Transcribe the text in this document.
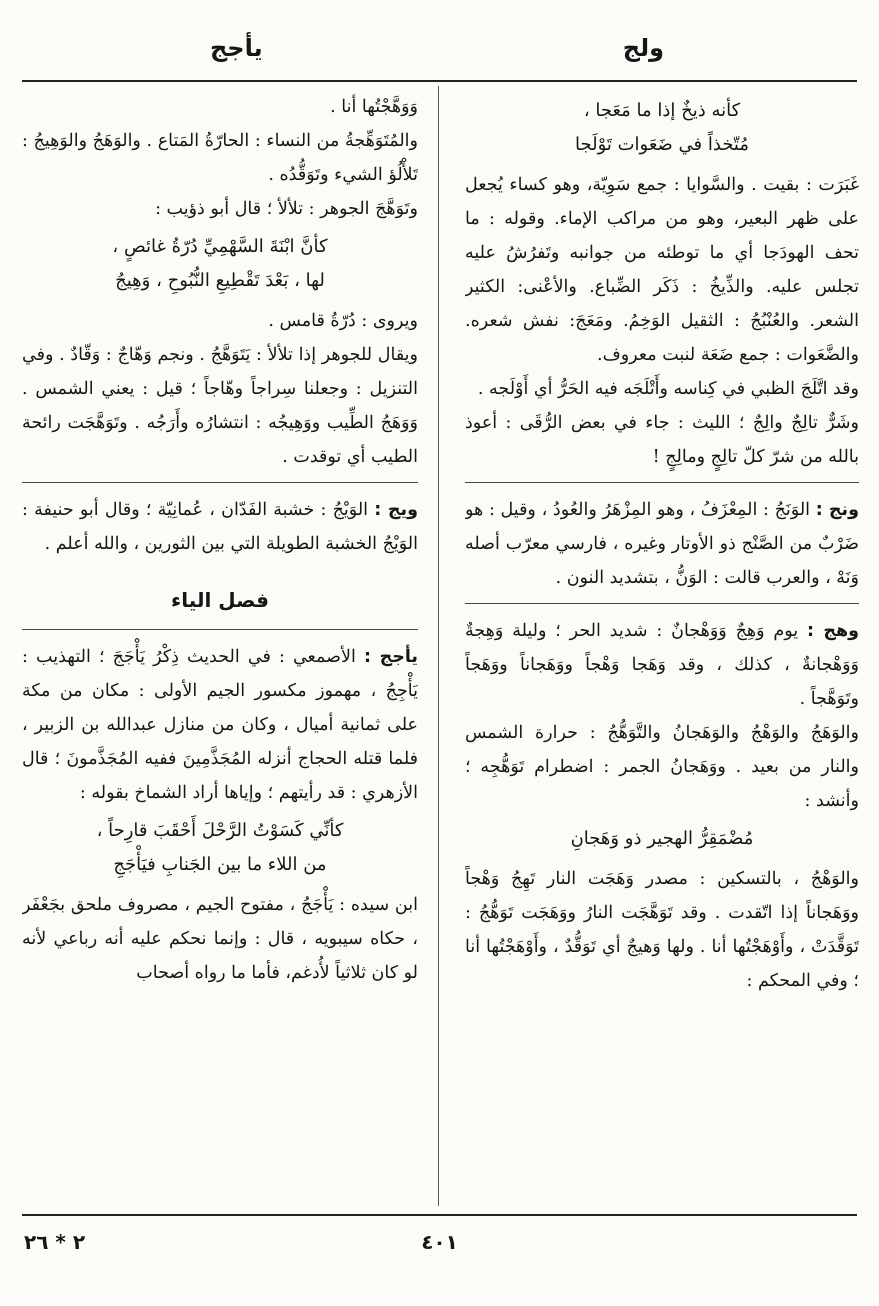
ولج
يأجج
كأنه ذيخٌ إذا ما مَعَجا ،
مُتّخذاً في ضَعَوات تَوْلَجا

غَبَرَت : بقيت . والسَّوايا : جمع سَوِيّة، وهو كساء يُجعل على ظهر البعير، وهو من مراكب الإماء. وقوله : ما تحف الهودَجا أي ما توطئه من جوانبه وتَفرُشُ عليه تجلس عليه. والذِّيخُ : ذَكَر الضِّباع. والأعْنى: الكثير الشعر. والعُنْبُجُ : الثقيل الوَخِمُ. ومَعَجَ: نفش شعره. والضَّعَوات : جمع ضَعَة لنبت معروف.

وقد اتَّلَجَ الظبي في كِناسه وأَتْلَجَه فيه الحَرُّ أي أَوْلَجه .

وشَرٌّ تالِجٌ والِجٌ ؛ الليث : جاء في بعض الرُّقَى : أعوذ بالله من شرّ كلّ تالِجٍ ومالِجٍ !

ونج : الوَنَجُ : المِعْزَفُ ، وهو المِزْهَرُ والعُودُ ، وقيل : هو ضَرْبٌ من الصَّنْج ذو الأوتار وغيره ، فارسي معرّب أصله وَنَهْ ، والعرب قالت : الوَنُّ ، بتشديد النون .

وهج : يوم وَهِجٌ وَوَهْجانٌ : شديد الحر ؛ وليلة وَهِجةٌ وَوَهْجانةٌ ، كذلك ، وقد وَهَجا وَهْجاً ووَهَجاناً ووَهَجاً وتَوَهَّجاً .

والوَهَجُ والوَهْجُ والوَهَجانُ والتَّوَهُّجُ : حرارة الشمس والنار من بعيد . ووَهَجانُ الجمر : اضطرام تَوَهُّجِه ؛ وأنشد :

مُضْمَقِرُّ الهجير ذو وَهَجانِ

والوَهْجُ ، بالتسكين : مصدر وَهَجَت النار تَهِجُ وَهْجاً ووَهَجاناً إذا اتّقدت . وقد تَوَهَّجَت النارُ ووَهَجَت تَوَهُّجُ : تَوَقَّدَتْ ، وأَوْهَجْتُها أنا . ولها وَهيجٌ أي تَوَقُّدٌ ، وأَوْهَجْتُها أنا ؛ وفي المحكم :

وَوَهَّجْتُها أنا .

والمُتَوَهِّجةُ من النساء : الحارّةُ المَتاع . والوَهَجُ والوَهِيجُ : تَلأْلُؤ الشيء وتَوَقُّدُه .

وتَوَهَّجَ الجوهر : تلألأ ؛ قال أبو ذؤيب :

كأنَّ ابْنَةَ السَّهْمِيِّ دُرّةُ غائصٍ ،
لها ، بَعْدَ تَقْطِيعِ النُّبُوحِ ، وَهِيجُ

ويروى : دُرّةُ قامس .

ويقال للجوهر إذا تلألأ : يَتَوَهَّجُ . ونجم وَهّاجٌ : وَقّادٌ . وفي التنزيل : وجعلنا سِراجاً وهّاجاً ؛ قيل : يعني الشمس . وَوَهَجُ الطِّيب ووَهِيجُه : انتشارُه وأَرَجُه . وتَوَهَّجَت رائحة الطيب أي توقدت .

ويج : الوَيْجُ : خشبة الفَدّان ، عُمانِيّة ؛ وقال أبو حنيفة : الوَيْجُ الخشبة الطويلة التي بين الثورين ، والله أعلم .

فصل الياء

يأجج : الأصمعي : في الحديث ذِكْرُ يَأْجَجَ ؛ التهذيب : يَأْجِجُ ، مهموز مكسور الجيم الأولى : مكان من مكة على ثمانية أميال ، وكان من منازل عبدالله بن الزبير ، فلما قتله الحجاج أنزله المُجَذَّمِينَ ففيه المُجَذَّمونَ ؛ قال الأزهري : قد رأيتهم ؛ وإياها أراد الشماخ بقوله :

كأنِّي كَسَوْتُ الرَّحْلَ أَحْقَبَ قارِحاً ،
من اللاء ما بين الجَنابِ فيَأْجَجِ

ابن سيده : يَأْجَجُ ، مفتوح الجيم ، مصروف ملحق بجَعْفَر ، حكاه سيبويه ، قال : وإنما نحكم عليه أنه رباعي لأنه لو كان ثلاثياً لأُدغم، فأما ما رواه أصحاب

٤٠١
٢ * ٢٦
